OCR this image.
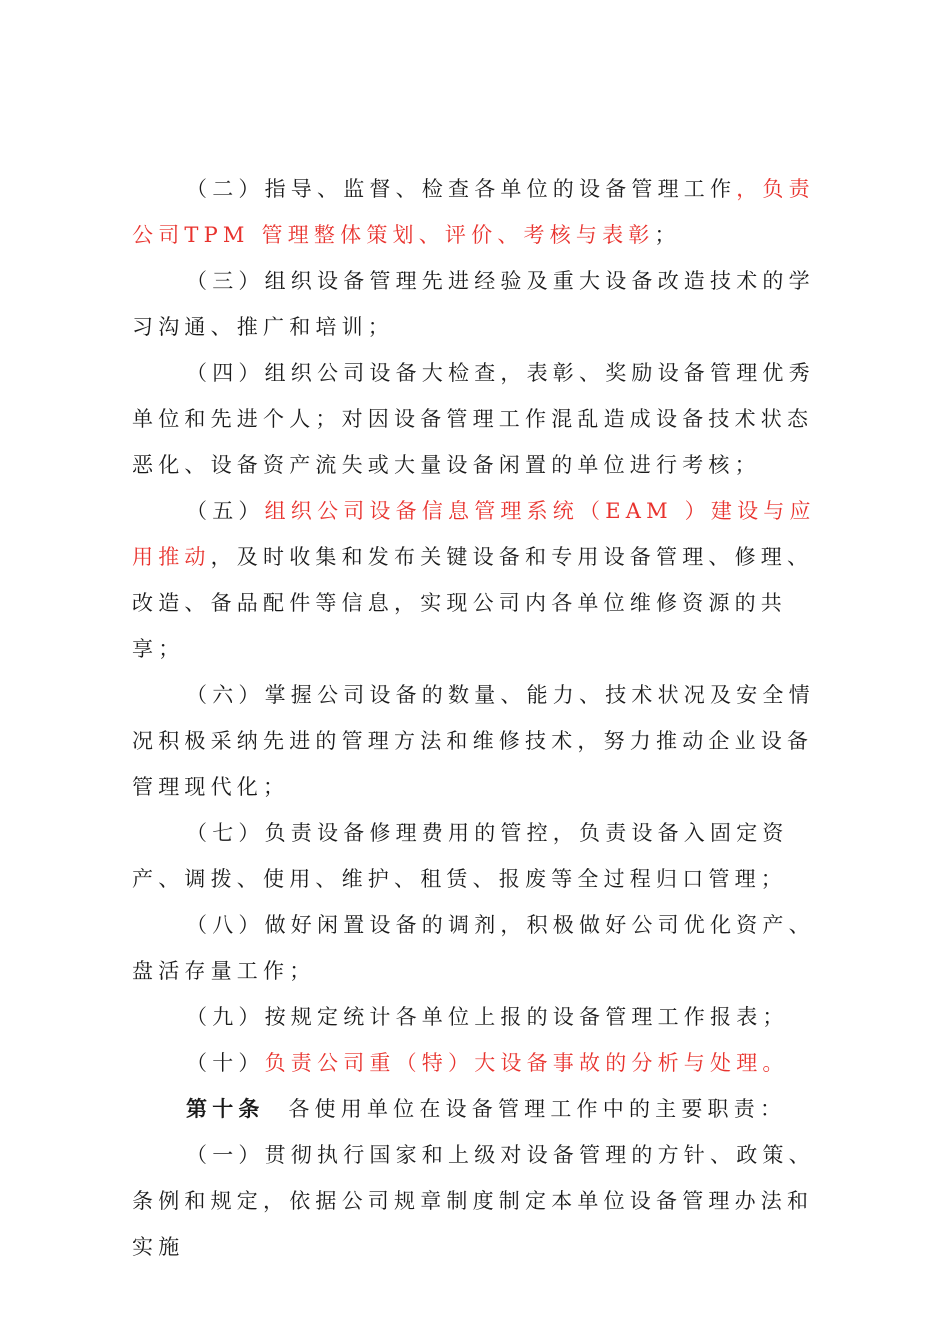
（二）指导、监督、检查各单位的设备管理工作，负责公司TPM 管理整体策划、评价、考核与表彰；

（三）组织设备管理先进经验及重大设备改造技术的学习沟通、推广和培训；

（四）组织公司设备大检查，表彰、奖励设备管理优秀单位和先进个人；对因设备管理工作混乱造成设备技术状态恶化、设备资产流失或大量设备闲置的单位进行考核；

（五）组织公司设备信息管理系统（EAM ）建设与应用推动，及时收集和发布关键设备和专用设备管理、修理、改造、备品配件等信息，实现公司内各单位维修资源的共享；

（六）掌握公司设备的数量、能力、技术状况及安全情况积极采纳先进的管理方法和维修技术，努力推动企业设备管理现代化；

（七）负责设备修理费用的管控，负责设备入固定资产、调拨、使用、维护、租赁、报废等全过程归口管理；

（八）做好闲置设备的调剂，积极做好公司优化资产、盘活存量工作；

（九）按规定统计各单位上报的设备管理工作报表；

（十）负责公司重（特）大设备事故的分析与处理。

第十条  各使用单位在设备管理工作中的主要职责：

（一）贯彻执行国家和上级对设备管理的方针、政策、条例和规定，依据公司规章制度制定本单位设备管理办法和实施
